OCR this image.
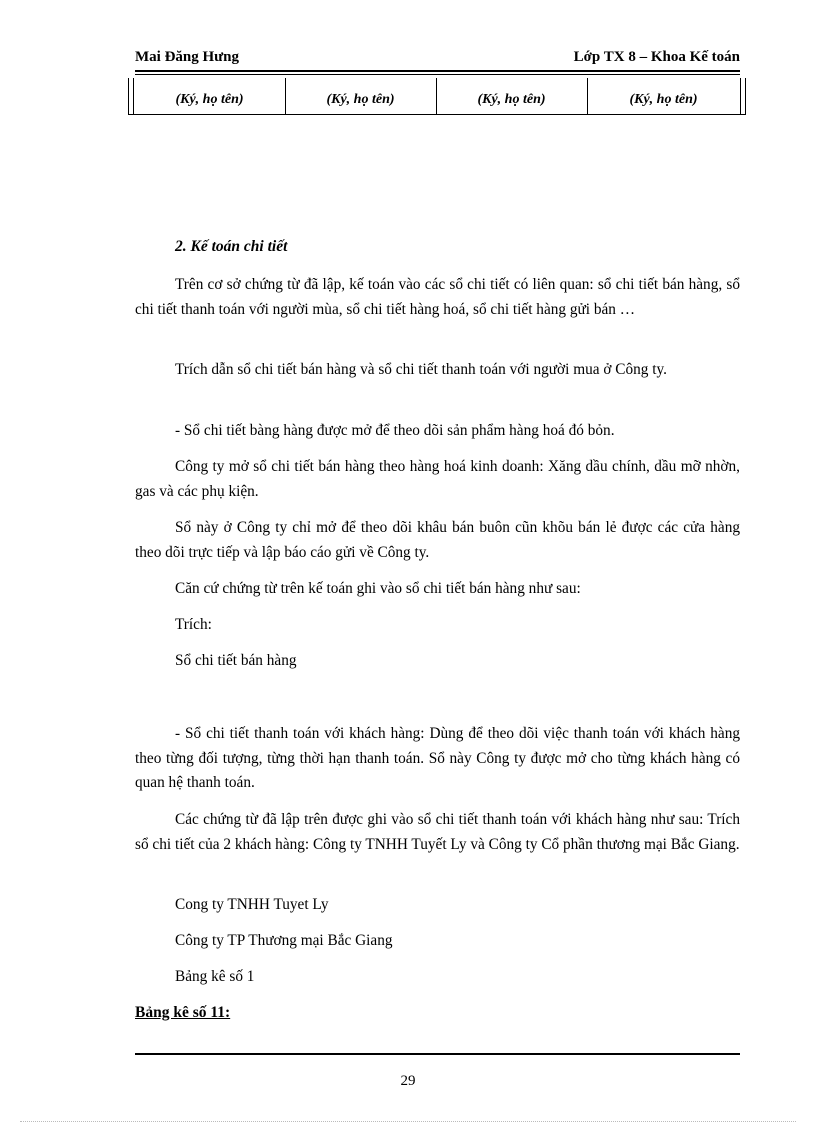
Mai Đăng Hưng	Lớp TX 8 – Khoa Kế toán
(Ký, họ tên)	(Ký, họ tên)	(Ký, họ tên)	(Ký, họ tên)
2. Kế toán chi tiết
Trên cơ sở chứng từ đã lập, kế toán vào các sổ chi tiết có liên quan: sổ chi tiết bán hàng, sổ chi tiết thanh toán với người mùa, sổ chi tiết hàng hoá, sổ chi tiết hàng gửi bán …
Trích dẫn sổ chi tiết bán hàng và sổ chi tiết thanh toán với người mua ở Công ty.
- Sổ chi tiết bàng hàng được mở để theo dõi sản phẩm hàng hoá đó bỏn.
Công ty mở sổ chi tiết bán hàng theo hàng hoá kinh doanh: Xăng dầu chính, dầu mỡ nhờn, gas và các phụ kiện.
Sổ này ở Công ty chỉ mở để theo dõi khâu bán buôn cũn khõu bán lẻ được các cửa hàng theo dõi trực tiếp và lập báo cáo gửi về Công ty.
Căn cứ chứng từ trên kế toán ghi vào sổ chi tiết bán hàng như sau:
Trích:
Sổ chi tiết bán hàng
- Sổ chi tiết thanh toán với khách hàng: Dùng để theo dõi việc thanh toán với khách hàng theo từng đối tượng, từng thời hạn thanh toán. Sổ này Công ty được mở cho từng khách hàng có quan hệ thanh toán.
Các chứng từ đã lập trên được ghi vào sổ chi tiết thanh toán với khách hàng như sau: Trích sổ chi tiết của 2 khách hàng: Công ty TNHH Tuyết Ly và Công ty Cổ phần thương mại Bắc Giang.
Cong ty TNHH Tuyet Ly
Công ty TP Thương mại Bắc Giang
Bảng kê số 1
Bảng kê số 11:
29
